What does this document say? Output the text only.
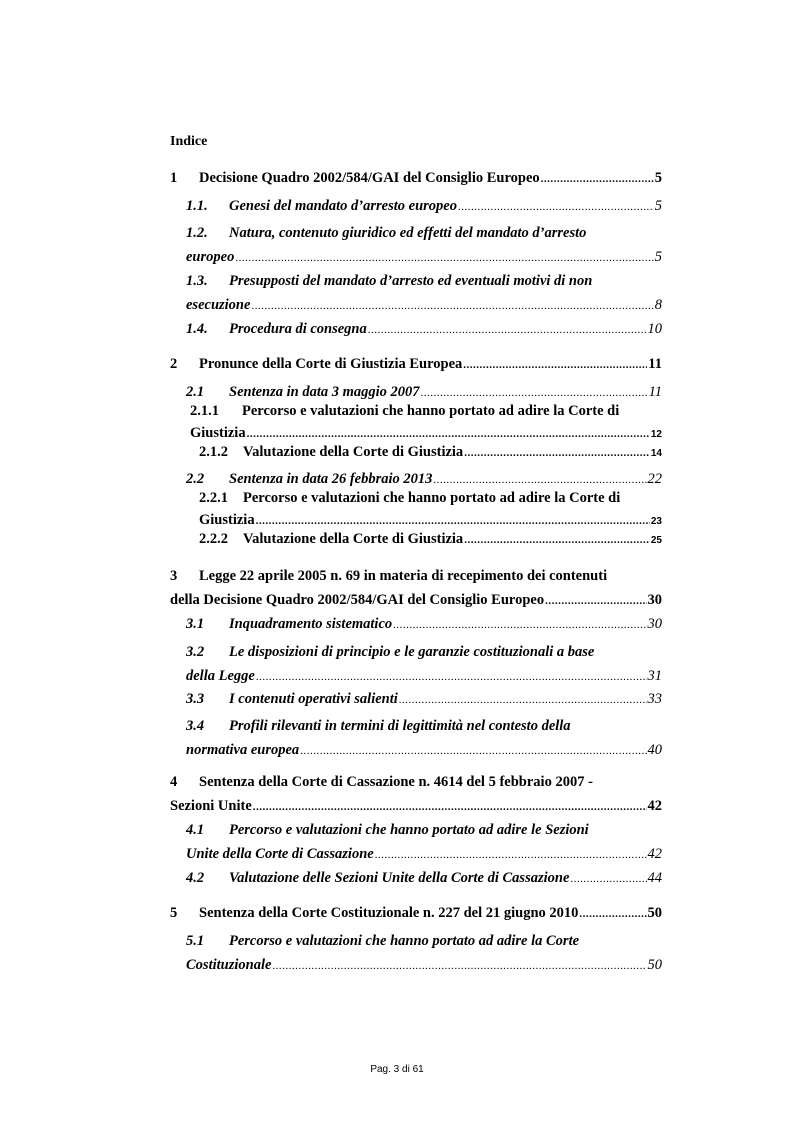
Indice
1	Decisione Quadro 2002/584/GAI del Consiglio Europeo .....	5
1.1.	Genesi del mandato d’arresto europeo .....	5
1.2.	Natura, contenuto giuridico ed effetti del mandato d’arresto
europeo .....	5
1.3.	Presupposti del mandato d’arresto ed eventuali motivi di non
esecuzione .....	8
1.4.	Procedura di consegna .....	10
2	Pronunce della Corte di Giustizia Europea .....	11
2.1	Sentenza in data 3 maggio 2007 .....	11
2.1.1	Percorso e valutazioni che hanno portato ad adire la Corte di
Giustizia .....	12
2.1.2	Valutazione della Corte di Giustizia .....	14
2.2	Sentenza in data 26 febbraio 2013 .....	22
2.2.1	Percorso e valutazioni che hanno portato ad adire la Corte di
Giustizia .....	23
2.2.2	Valutazione della Corte di Giustizia .....	25
3	Legge 22 aprile 2005 n. 69 in materia di recepimento dei contenuti
della Decisione Quadro 2002/584/GAI del Consiglio Europeo .....	30
3.1	Inquadramento sistematico .....	30
3.2	Le disposizioni di principio e le garanzie costituzionali a base
della Legge .....	31
3.3	I contenuti operativi salienti .....	33
3.4	Profili rilevanti in termini di legittimità nel contesto della
normativa europea .....	40
4	Sentenza della Corte di Cassazione n. 4614 del 5 febbraio 2007 -
Sezioni Unite .....	42
4.1	Percorso e valutazioni che hanno portato ad adire le Sezioni
Unite della Corte di Cassazione .....	42
4.2	Valutazione delle Sezioni Unite della Corte di Cassazione .....	44
5	Sentenza della Corte Costituzionale n. 227 del 21 giugno 2010 .....	50
5.1	Percorso e valutazioni che hanno portato ad adire la Corte
Costituzionale .....	50
Pag. 3 di 61
